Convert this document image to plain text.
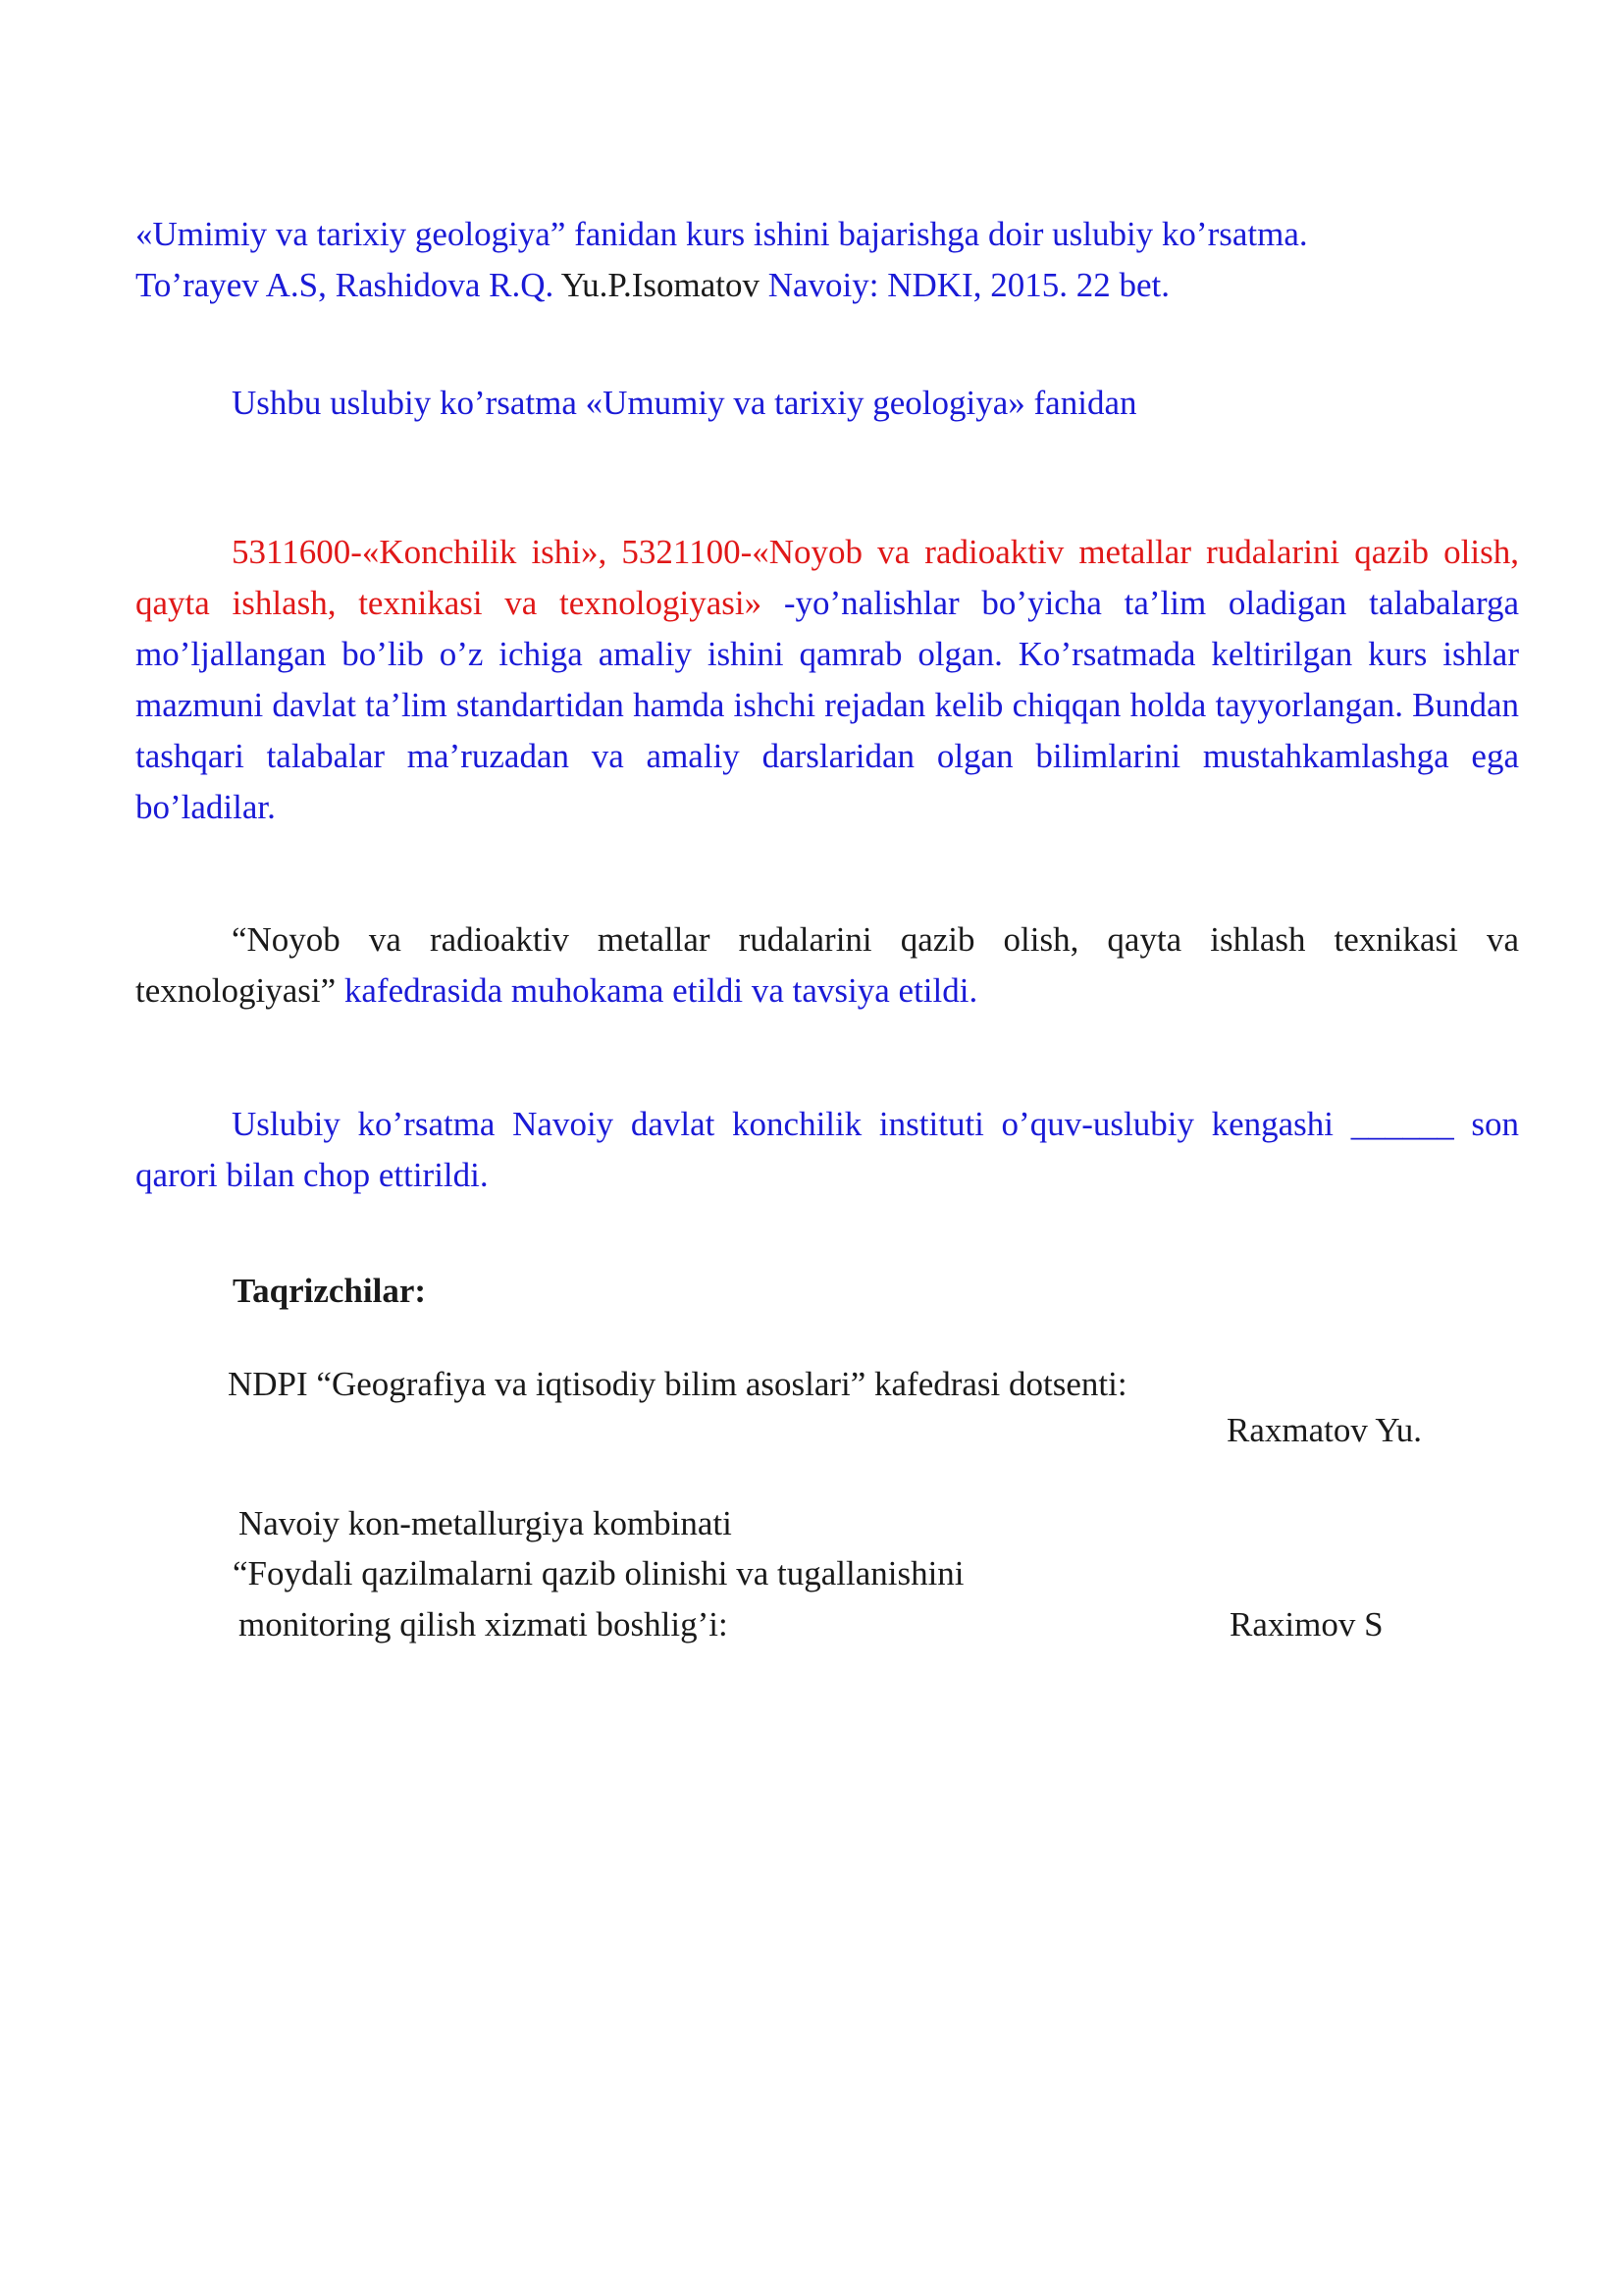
«Umimiy va tarixiy geologiya” fanidan kurs ishini bajarishga doir uslubiy ko’rsatma.
To’rayev A.S, Rashidova R.Q. Yu.P.Isomatov Navoiy: NDKI, 2015. 22 bet.
Ushbu uslubiy ko’rsatma «Umumiy va tarixiy geologiya» fanidan
5311600-«Konchilik ishi», 5321100-«Noyob va radioaktiv metallar rudalarini qazib olish, qayta ishlash, texnikasi va texnologiyasi» -yo’nalishlar bo’yicha ta’lim oladigan talabalarga mo’ljallangan bo’lib o’z ichiga amaliy ishini qamrab olgan. Ko’rsatmada keltirilgan kurs ishlar mazmuni davlat ta’lim standartidan hamda ishchi rejadan kelib chiqqan holda tayyorlangan. Bundan tashqari talabalar ma’ruzadan va amaliy darslaridan olgan bilimlarini mustahkamlashga ega bo’ladilar.
“Noyob va radioaktiv metallar rudalarini qazib olish, qayta ishlash texnikasi va texnologiyasi” kafedrasida muhokama etildi va tavsiya etildi.
Uslubiy ko’rsatma Navoiy davlat konchilik instituti o’quv-uslubiy kengashi ______ son qarori bilan chop ettirildi.
Taqrizchilar:
NDPI “Geografiya va iqtisodiy bilim asoslari” kafedrasi dotsenti:
Raxmatov Yu.
Navoiy kon-metallurgiya kombinati
“Foydali qazilmalarni qazib olinishi va tugallanishini
monitoring qilish xizmati boshlig’i:	Raximov S
